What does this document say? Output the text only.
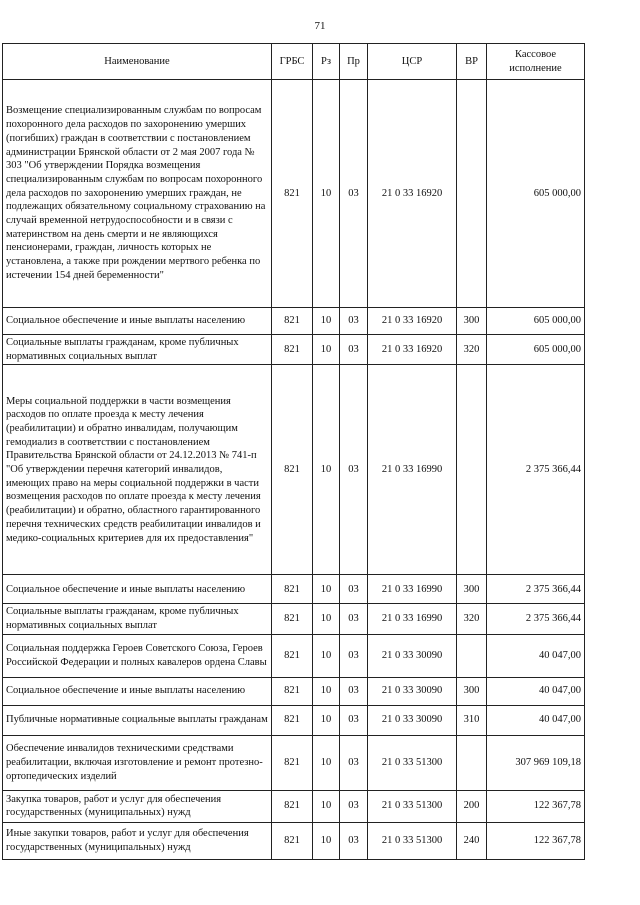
71
Наименование	ГРБС	Рз	Пр	ЦСР	ВР	Кассовое исполнение
Возмещение специализированным службам по вопросам похоронного дела расходов по захоронению умерших (погибших) граждан в соответствии с постановлением администрации Брянской области от 2 мая 2007 года № 303 "Об утверждении Порядка возмещения специализированным службам по вопросам похоронного дела расходов по захоронению умерших граждан, не подлежащих обязательному социальному страхованию на случай временной нетрудоспособности и в связи с материнством на день смерти и не являющихся пенсионерами, граждан, личность которых не установлена, а также при рождении мертвого ребенка по истечении 154 дней беременности"	821	10	03	21 0 33 16920		605 000,00
Социальное обеспечение и иные выплаты населению	821	10	03	21 0 33 16920	300	605 000,00
Социальные выплаты гражданам, кроме публичных нормативных социальных выплат	821	10	03	21 0 33 16920	320	605 000,00
Меры социальной поддержки в части возмещения расходов по оплате проезда к месту лечения (реабилитации) и обратно инвалидам, получающим гемодиализ в соответствии с постановлением Правительства Брянской области от 24.12.2013 № 741-п "Об утверждении перечня категорий инвалидов, имеющих право на меры социальной поддержки в части возмещения расходов по оплате проезда к месту лечения (реабилитации) и обратно, областного гарантированного перечня технических средств реабилитации инвалидов и медико-социальных критериев для их предоставления"	821	10	03	21 0 33 16990		2 375 366,44
Социальное обеспечение и иные выплаты населению	821	10	03	21 0 33 16990	300	2 375 366,44
Социальные выплаты гражданам, кроме публичных нормативных социальных выплат	821	10	03	21 0 33 16990	320	2 375 366,44
Социальная поддержка Героев Советского Союза, Героев Российской Федерации и полных кавалеров ордена Славы	821	10	03	21 0 33 30090		40 047,00
Социальное обеспечение и иные выплаты населению	821	10	03	21 0 33 30090	300	40 047,00
Публичные нормативные социальные выплаты гражданам	821	10	03	21 0 33 30090	310	40 047,00
Обеспечение инвалидов техническими средствами реабилитации, включая изготовление и ремонт протезно-ортопедических изделий	821	10	03	21 0 33 51300		307 969 109,18
Закупка товаров, работ и услуг для обеспечения государственных (муниципальных) нужд	821	10	03	21 0 33 51300	200	122 367,78
Иные закупки товаров, работ и услуг для обеспечения государственных (муниципальных) нужд	821	10	03	21 0 33 51300	240	122 367,78
